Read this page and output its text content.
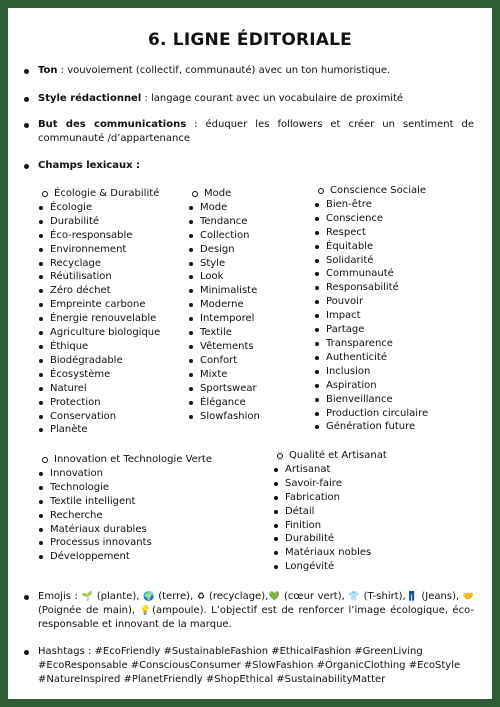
6. LIGNE ÉDITORIALE
Ton : vouvoiement (collectif, communauté) avec un ton humoristique.
Style rédactionnel : langage courant avec un vocabulaire de proximité
But des communications : éduquer les followers et créer un sentiment de communauté /d’appartenance
Champs lexicaux :
Écologie & Durabilité
Écologie
Durabilité
Éco-responsable
Environnement
Recyclage
Réutilisation
Zéro déchet
Empreinte carbone
Énergie renouvelable
Agriculture biologique
Éthique
Biodégradable
Écosystème
Naturel
Protection
Conservation
Planète
Mode
Mode
Tendance
Collection
Design
Style
Look
Minimaliste
Moderne
Intemporel
Textile
Vêtements
Confort
Mixte
Sportswear
Élégance
Slowfashion
Conscience Sociale
Bien-être
Conscience
Respect
Équitable
Solidarité
Communauté
Responsabilité
Pouvoir
Impact
Partage
Transparence
Authenticité
Inclusion
Aspiration
Bienveillance
Production circulaire
Génération future
Innovation et Technologie Verte
Innovation
Technologie
Textile intelligent
Recherche
Matériaux durables
Processus innovants
Développement
Qualité et Artisanat
Artisanat
Savoir-faire
Fabrication
Détail
Finition
Durabilité
Matériaux nobles
Longévité
Emojis : 🌱 (plante), 🌍 (terre), ♻ (recyclage),💚 (cœur vert), 👕 (T-shirt),👖 (Jeans), 🤝 (Poignée de main), 💡(ampoule). L’objectif est de renforcer l’image écologique, éco-responsable et innovant de la marque.
Hashtags : #EcoFriendly #SustainableFashion #EthicalFashion #GreenLiving #EcoResponsable #ConsciousConsumer #SlowFashion #OrganicClothing #EcoStyle #NatureInspired #PlanetFriendly #ShopEthical #SustainabilityMatter
